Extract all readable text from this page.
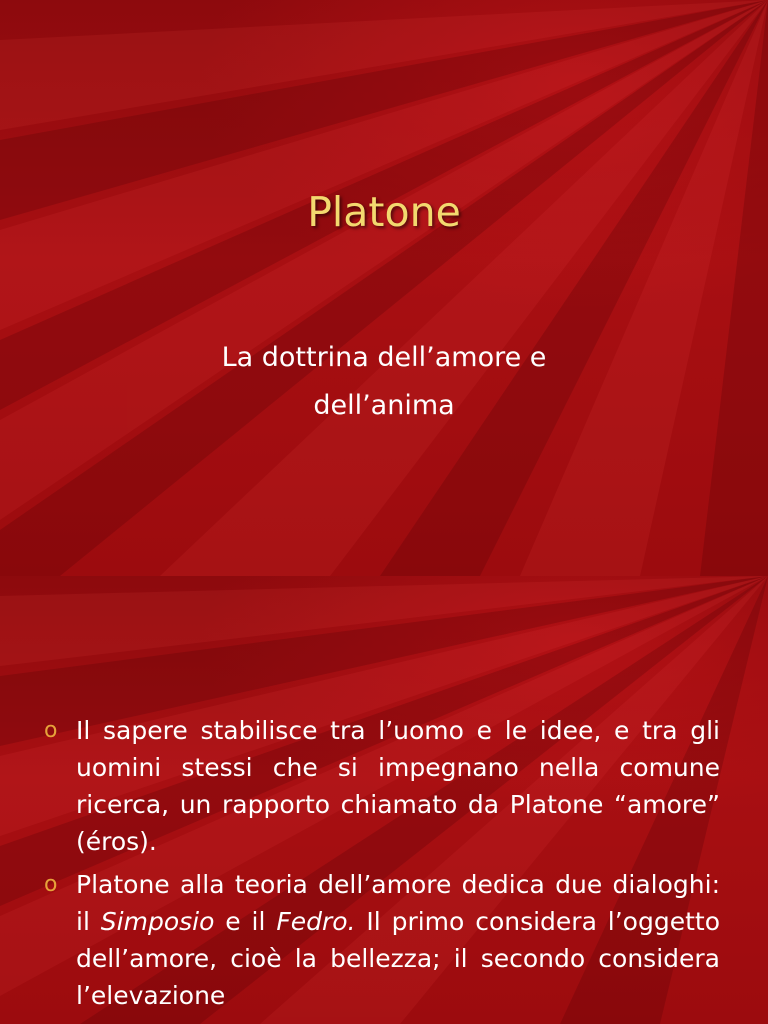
Platone
La dottrina dell’amore e
dell’anima
o Il sapere stabilisce tra l’uomo e le idee, e tra gli uomini stessi che si impegnano nella comune ricerca, un rapporto chiamato da Platone “amore” (éros).
o Platone alla teoria dell’amore dedica due dialoghi: il Simposio e il Fedro. Il primo considera l’oggetto dell’amore, cioè la bellezza; il secondo considera l’elevazione
